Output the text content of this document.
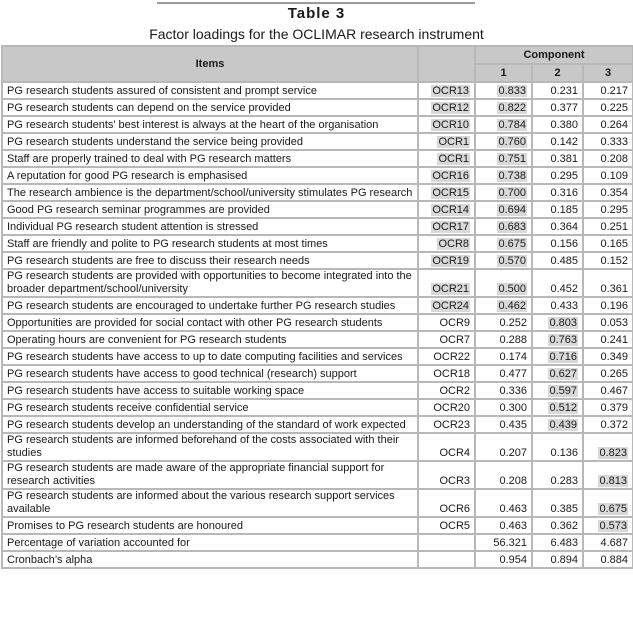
Table 3
Factor loadings for the OCLIMAR research instrument
Items		Component		
		1	2	3
PG research students assured of consistent and prompt service	OCR13	0.833	0.231	0.217
PG research students can depend on the service provided	OCR12	0.822	0.377	0.225
PG research students' best interest is always at the heart of the organisation	OCR10	0.784	0.380	0.264
PG research students understand the service being provided	OCR1	0.760	0.142	0.333
Staff are properly trained to deal with PG research matters	OCR1	0.751	0.381	0.208
A reputation for good PG research is emphasised	OCR16	0.738	0.295	0.109
The research ambience is the department/school/university stimulates PG research	OCR15	0.700	0.316	0.354
Good PG research seminar programmes are provided	OCR14	0.694	0.185	0.295
Individual PG research student attention is stressed	OCR17	0.683	0.364	0.251
Staff are friendly and polite to PG research students at most times	OCR8	0.675	0.156	0.165
PG research students are free to discuss their research needs	OCR19	0.570	0.485	0.152
PG research students are provided with opportunities to become integrated into the broader department/school/university	OCR21	0.500	0.452	0.361
PG research students are encouraged to undertake further PG research studies	OCR24	0.462	0.433	0.196
Opportunities are provided for social contact with other PG research students	OCR9	0.252	0.803	0.053
Operating hours are convenient for PG research students	OCR7	0.288	0.763	0.241
PG research students have access to up to date computing facilities and services	OCR22	0.174	0.716	0.349
PG research students have access to good technical (research) support	OCR18	0.477	0.627	0.265
PG research students have access to suitable working space	OCR2	0.336	0.597	0.467
PG research students receive confidential service	OCR20	0.300	0.512	0.379
PG research students develop an understanding of the standard of work expected	OCR23	0.435	0.439	0.372
PG research students are informed beforehand of the costs associated with their studies	OCR4	0.207	0.136	0.823
PG research students are made aware of the appropriate financial support for research activities	OCR3	0.208	0.283	0.813
PG research students are informed about the various research support services available	OCR6	0.463	0.385	0.675
Promises to PG research students are honoured	OCR5	0.463	0.362	0.573
Percentage of variation accounted for		56.321	6.483	4.687
Cronbach’s alpha		0.954	0.894	0.884
